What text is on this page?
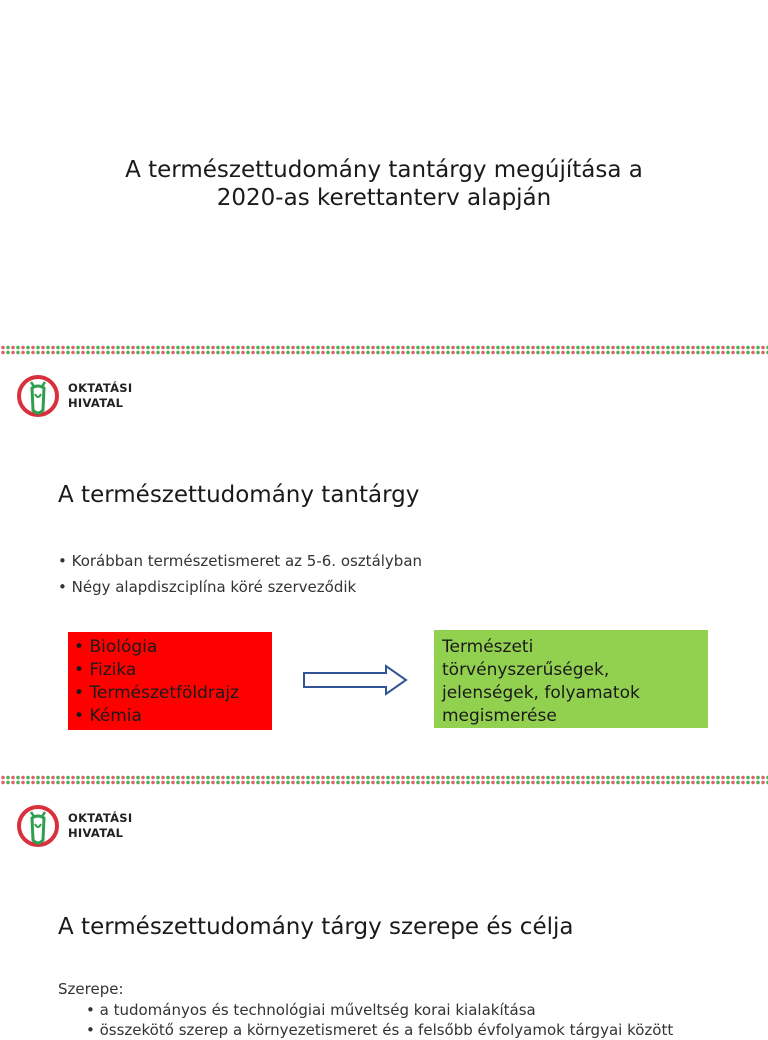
A természettudomány tantárgy megújítása a
2020-as kerettanterv alapján
OKTATÁSI
HIVATAL
A természettudomány tantárgy
• Korábban természetismeret az 5-6. osztályban
• Négy alapdiszciplína köré szerveződik
• Biológia
• Fizika
• Természetföldrajz
• Kémia
Természeti
törvényszerűségek,
jelenségek, folyamatok
megismerése
OKTATÁSI
HIVATAL
A természettudomány tárgy szerepe és célja

Szerepe:

• a tudományos és technológiai műveltség korai kialakítása
• összekötő szerep a környezetismeret és a felsőbb évfolyamok tárgyai között
